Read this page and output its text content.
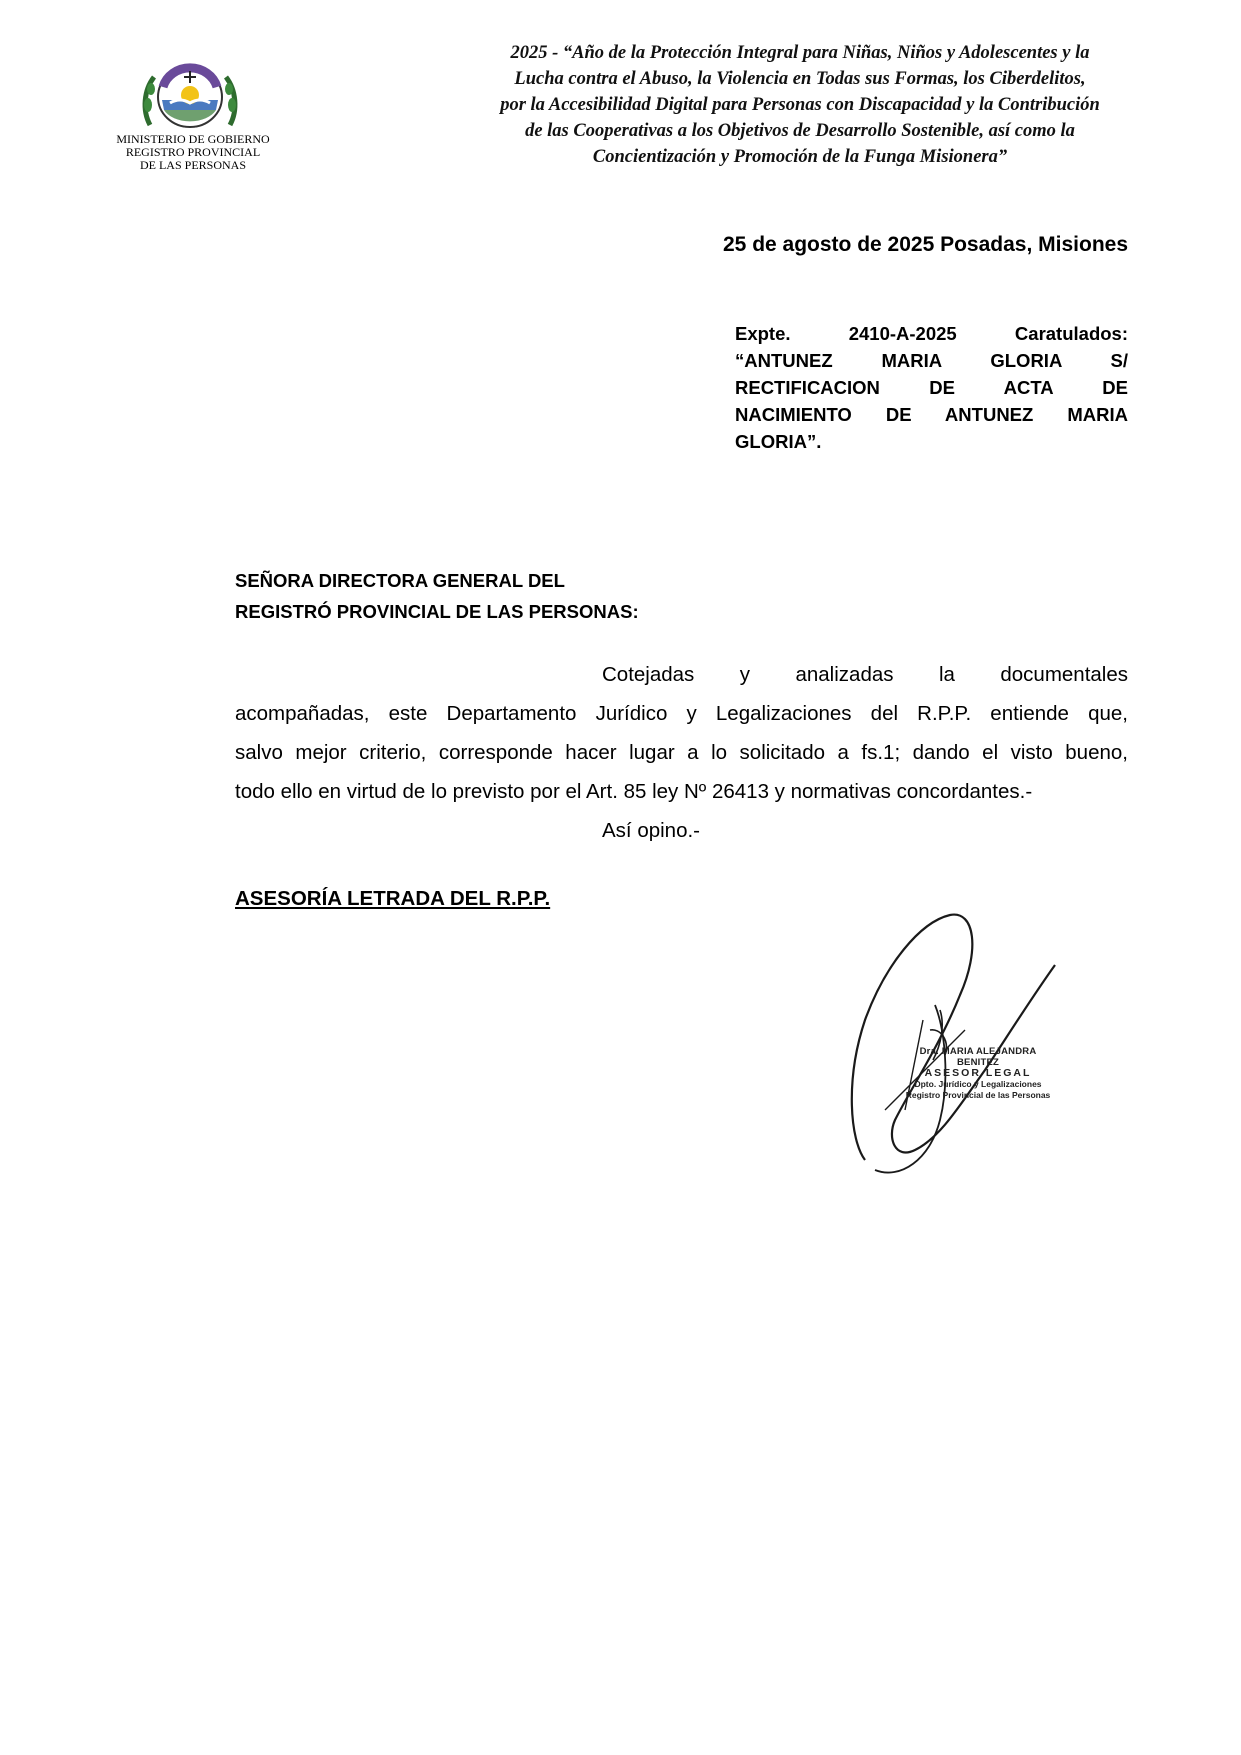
MINISTERIO DE GOBIERNO
REGISTRO PROVINCIAL
DE LAS PERSONAS
2025 - “Año de la Protección Integral para Niñas, Niños y Adolescentes y la
Lucha contra el Abuso, la Violencia en Todas sus Formas, los Ciberdelitos,
por la Accesibilidad Digital para Personas con Discapacidad y la Contribución
de las Cooperativas a los Objetivos de Desarrollo Sostenible, así como la
Concientización y Promoción de la Funga Misionera”
25 de agosto de 2025 Posadas, Misiones
Expte. 2410-A-2025 Caratulados:
“ANTUNEZ MARIA GLORIA S/
RECTIFICACION DE ACTA DE
NACIMIENTO DE ANTUNEZ MARIA
GLORIA”.
SEÑORA DIRECTORA GENERAL DEL
REGISTRÓ PROVINCIAL DE LAS PERSONAS:
Cotejadas y analizadas la documentales
acompañadas, este Departamento Jurídico y Legalizaciones del R.P.P. entiende que,
salvo mejor criterio, corresponde hacer lugar a lo solicitado a fs.1; dando el visto bueno,
todo ello en virtud de lo previsto por el Art. 85 ley Nº 26413 y normativas concordantes.-
Así opino.-
ASESORÍA LETRADA DEL R.P.P.
Dra. MARIA ALEJANDRA BENITEZ
ASESOR LEGAL
Dpto. Jurídico y Legalizaciones
Registro Provincial de las Personas
